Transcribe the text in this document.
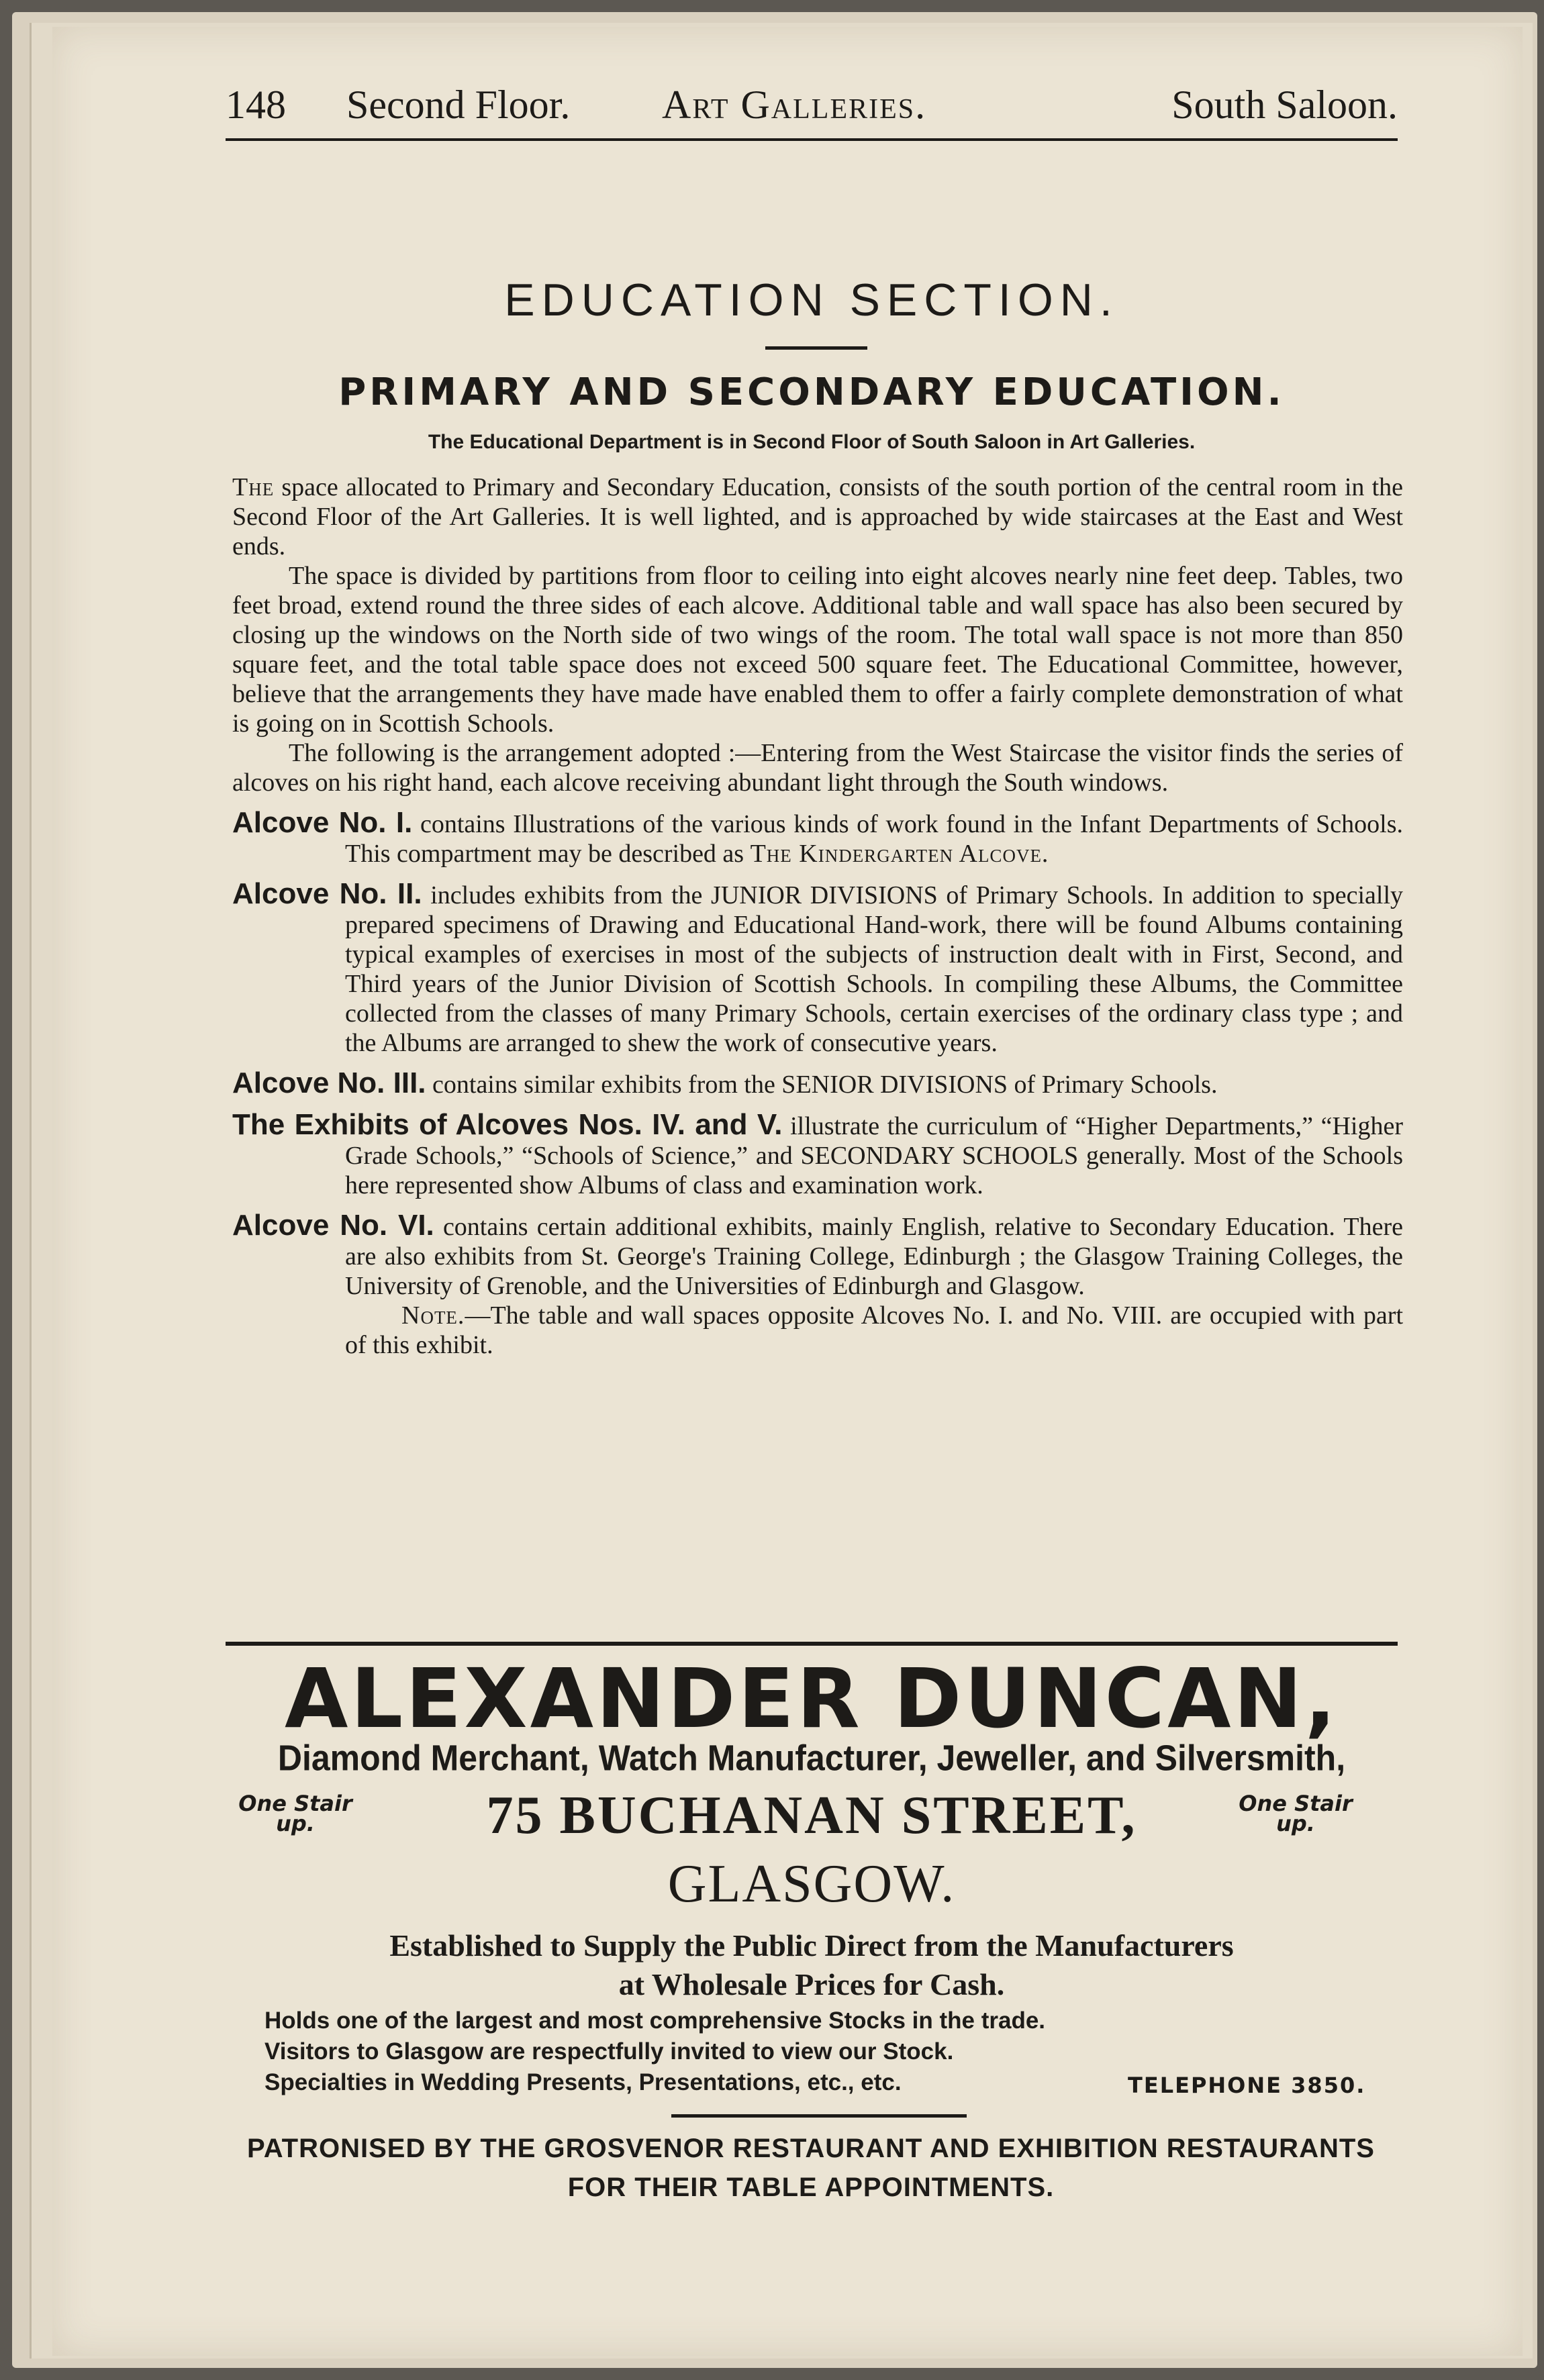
148 Second Floor. Art Galleries.	South Saloon.
EDUCATION SECTION.
PRIMARY AND SECONDARY EDUCATION.
The Educational Department is in Second Floor of South Saloon in Art Galleries.

The space allocated to Primary and Secondary Education, consists of the south portion of the central room in the Second Floor of the Art Galleries. It is well lighted, and is approached by wide staircases at the East and West ends.

The space is divided by partitions from floor to ceiling into eight alcoves nearly nine feet deep. Tables, two feet broad, extend round the three sides of each alcove. Additional table and wall space has also been secured by closing up the windows on the North side of two wings of the room. The total wall space is not more than 850 square feet, and the total table space does not exceed 500 square feet. The Educational Committee, however, believe that the arrangements they have made have enabled them to offer a fairly complete demonstration of what is going on in Scottish Schools.

The following is the arrangement adopted :—Entering from the West Staircase the visitor finds the series of alcoves on his right hand, each alcove receiving abundant light through the South windows.

Alcove No. I. contains Illustrations of the various kinds of work found in the Infant Departments of Schools. This compartment may be described as The Kindergarten Alcove.

Alcove No. II. includes exhibits from the JUNIOR DIVISIONS of Primary Schools. In addition to specially prepared specimens of Drawing and Educational Hand-work, there will be found Albums containing typical examples of exercises in most of the subjects of instruction dealt with in First, Second, and Third years of the Junior Division of Scottish Schools. In compiling these Albums, the Committee collected from the classes of many Primary Schools, certain exercises of the ordinary class type ; and the Albums are arranged to shew the work of consecutive years.

Alcove No. III. contains similar exhibits from the SENIOR DIVISIONS of Primary Schools.

The Exhibits of Alcoves Nos. IV. and V. illustrate the curriculum of “Higher Departments,” “Higher Grade Schools,” “Schools of Science,” and SECONDARY SCHOOLS generally. Most of the Schools here represented show Albums of class and examination work.

Alcove No. VI. contains certain additional exhibits, mainly English, relative to Secondary Education. There are also exhibits from St. George's Training College, Edinburgh ; the Glasgow Training Colleges, the University of Grenoble, and the Universities of Edinburgh and Glasgow.

Note.—The table and wall spaces opposite Alcoves No. I. and No. VIII. are occupied with part of this exhibit.

ALEXANDER DUNCAN,
Diamond Merchant, Watch Manufacturer, Jeweller, and Silversmith,
One Stair
up.	75 BUCHANAN STREET,	One Stair
up.
GLASGOW.
Established to Supply the Public Direct from the Manufacturers
at Wholesale Prices for Cash.
Holds one of the largest and most comprehensive Stocks in the trade.
Visitors to Glasgow are respectfully invited to view our Stock.
Specialties in Wedding Presents, Presentations, etc., etc.	TELEPHONE 3850.
PATRONISED BY THE GROSVENOR RESTAURANT AND EXHIBITION RESTAURANTS
FOR THEIR TABLE APPOINTMENTS.
